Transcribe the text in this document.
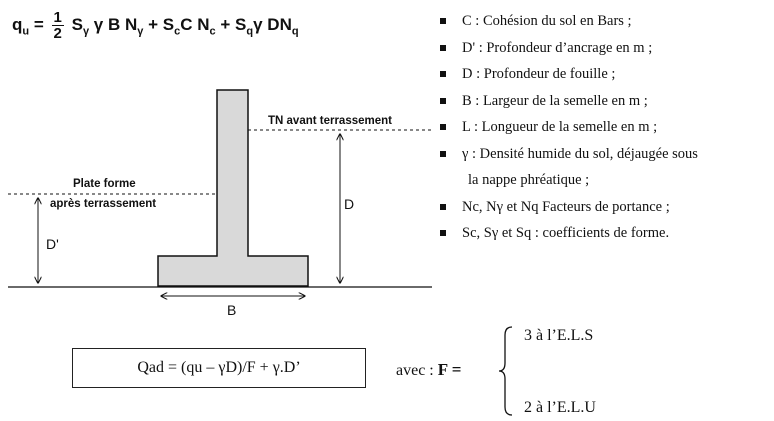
$q_u = \frac{1}{2} S_\gamma$ γ B $N_\gamma + S_cC$ $N_c + S_q\gamma$ $DN_q$
C : Cohésion du sol en Bars ;
D' : Profondeur d’ancrage en m ;
D : Profondeur de fouille ;
B : Largeur de la semelle en m ;
L : Longueur de la semelle en m ;
γ : Densité humide du sol, déjaugée sous
la nappe phréatique ;
Nc, Nγ et Nq Facteurs de portance ;
Sc, Sγ et Sq : coefficients de forme.
TN avant terrassement
Plate forme
après terrassement
D'
D
B
Qad = (qu – γD)/F + γ.D’	avec : F =
3 à l’E.L.S
2 à l’E.L.U
